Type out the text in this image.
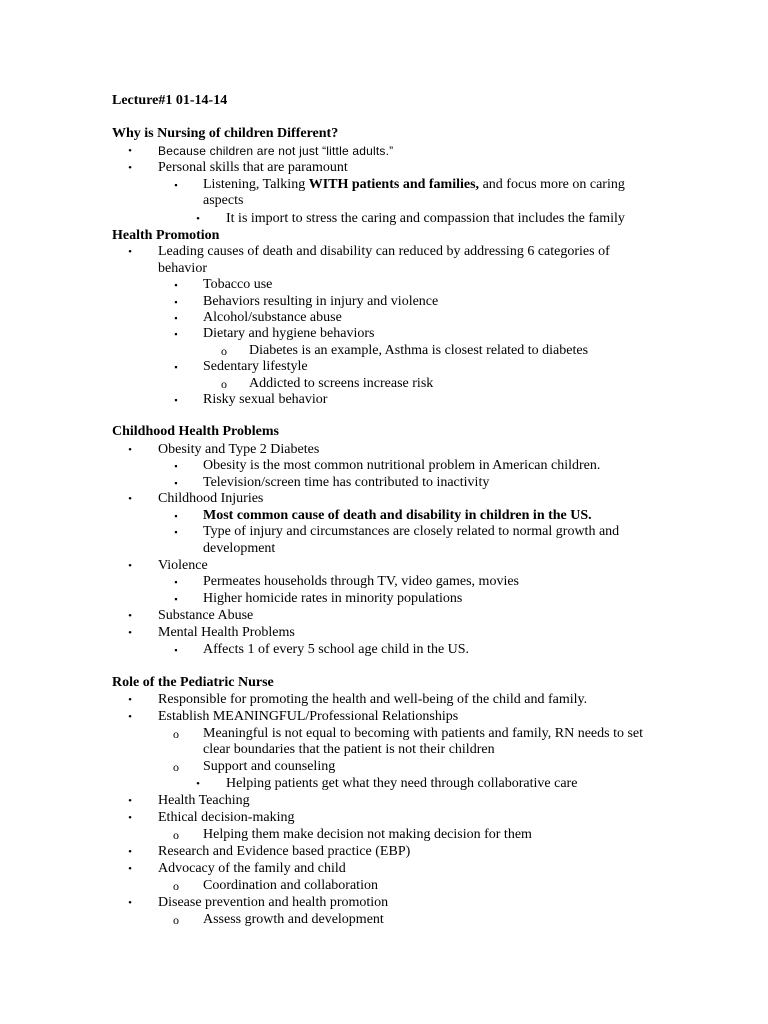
Lecture#1 01-14-14
Why is Nursing of children Different?
•	Because children are not just “little adults.”
• Personal skills that are paramount
▪	Listening, Talking WITH patients and families, and focus more on caring
aspects
• It is import to stress the caring and compassion that includes the family
Health Promotion
• Leading causes of death and disability can reduced by addressing 6 categories of
behavior
▪	Tobacco use
▪	Behaviors resulting in injury and violence
▪	Alcohol/substance abuse
▪	Dietary and hygiene behaviors
o Diabetes is an example, Asthma is closest related to diabetes
▪	Sedentary lifestyle
o Addicted to screens increase risk
▪	Risky sexual behavior
Childhood Health Problems
• Obesity and Type 2 Diabetes
▪	Obesity is the most common nutritional problem in American children.
▪	Television/screen time has contributed to inactivity
• Childhood Injuries
▪	Most common cause of death and disability in children in the US.
▪	Type of injury and circumstances are closely related to normal growth and
development
• Violence
▪	Permeates households through TV, video games, movies
▪	Higher homicide rates in minority populations
• Substance Abuse
• Mental Health Problems
▪	Affects 1 of every 5 school age child in the US.
Role of the Pediatric Nurse
• Responsible for promoting the health and well-being of the child and family.
• Establish MEANINGFUL/Professional Relationships
o Meaningful is not equal to becoming with patients and family, RN needs to set
clear boundaries that the patient is not their children
o Support and counseling
• Helping patients get what they need through collaborative care
• Health Teaching
• Ethical decision-making
o Helping them make decision not making decision for them
• Research and Evidence based practice (EBP)
• Advocacy of the family and child
o Coordination and collaboration
• Disease prevention and health promotion
o Assess growth and development
